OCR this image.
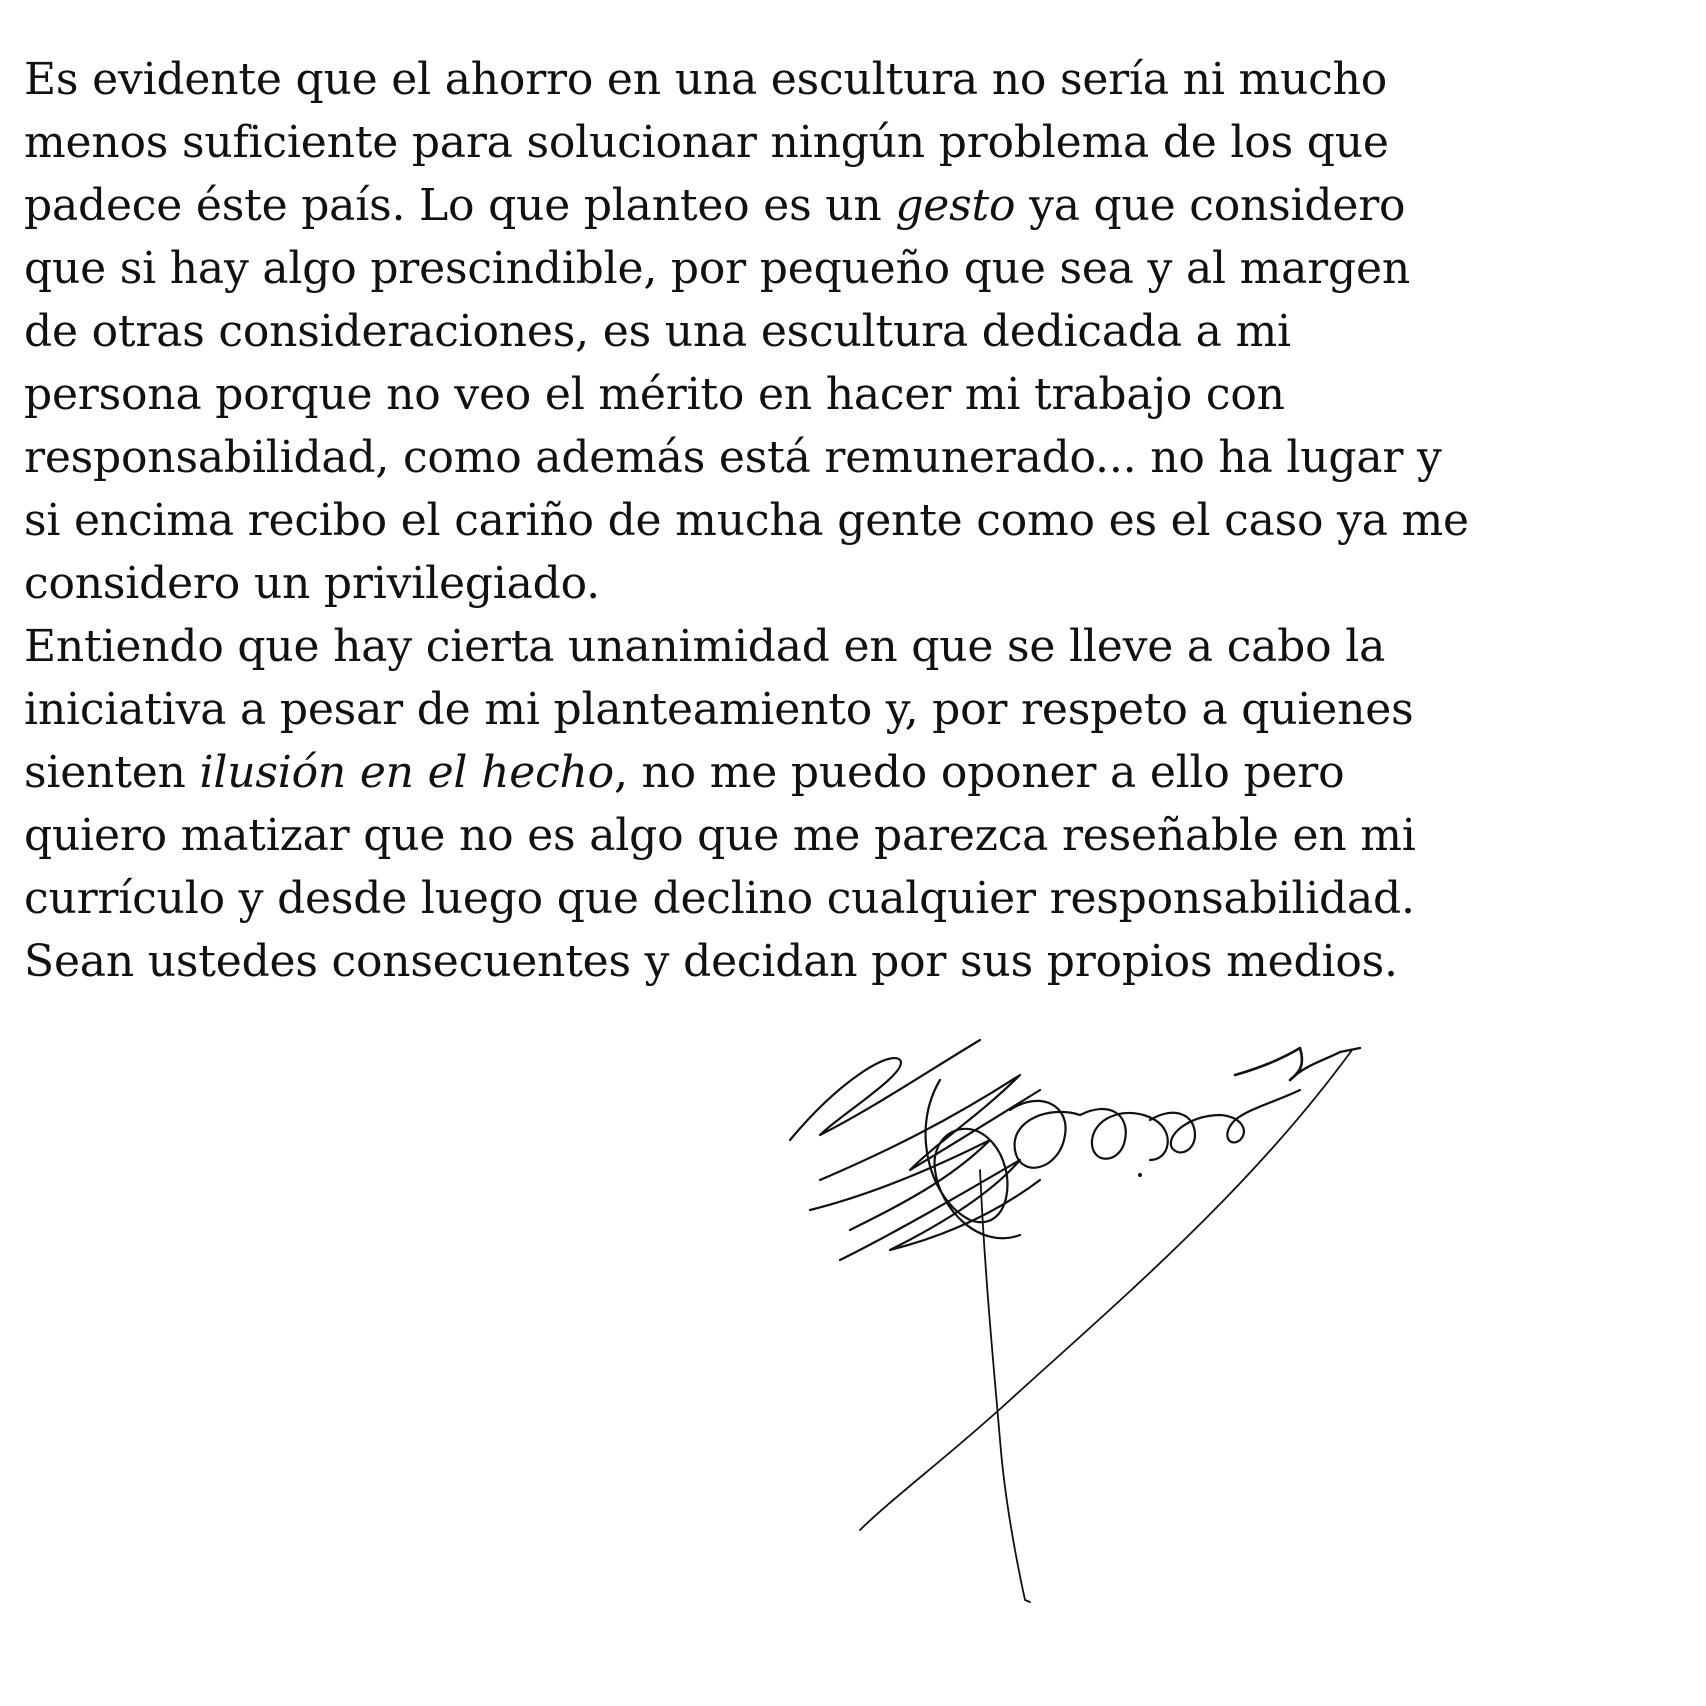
Es evidente que el ahorro en una escultura no sería ni mucho
menos suficiente para solucionar ningún problema de los que
padece éste país. Lo que planteo es un gesto ya que considero
que si hay algo prescindible, por pequeño que sea y al margen
de otras consideraciones, es una escultura dedicada a mi
persona porque no veo el mérito en hacer mi trabajo con
responsabilidad, como además está remunerado... no ha lugar y
si encima recibo el cariño de mucha gente como es el caso ya me
considero un privilegiado.
Entiendo que hay cierta unanimidad en que se lleve a cabo la
iniciativa a pesar de mi planteamiento y, por respeto a quienes
sienten ilusión en el hecho, no me puedo oponer a ello pero
quiero matizar que no es algo que me parezca reseñable en mi
currículo y desde luego que declino cualquier responsabilidad.
Sean ustedes consecuentes y decidan por sus propios medios.
